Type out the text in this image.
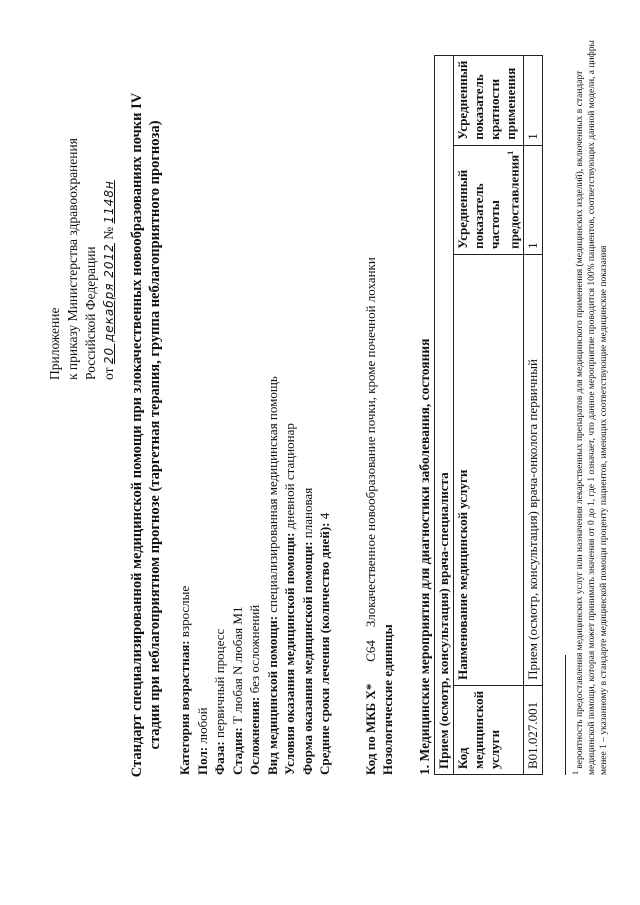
Приложение к приказу Министерства здравоохранения Российской Федерации от 20 декабря 2012 № 1148н Стандарт специализированной медицинской помощи при злокачественных новообразованиях почки IV стадии при неблагоприятном прогнозе (таргетная терапия, группа неблагоприятного прогноза) Категория возрастная: взрослые
Пол: любой
Фаза: первичный процесс
Стадия: Т любая N любая M1
Осложнения: без осложнений Вид медицинской помощи: специализированная медицинская помощь
Условия оказания медицинской помощи: дневной стационар
Форма оказания медицинской помощи: плановая
Средние сроки лечения (количество дней): 4
Код по МКБ X* C64    Злокачественное новообразование почки, кроме почечной лоханки
Нозологические единицы 1. Медицинские мероприятия для диагностики заболевания, состояния Прием (осмотр, консультация) врача-специалиста			
Код медицинской услуги	Наименование медицинской услуги	Усредненный показатель частоты предоставления$^1$	Усредненный показатель кратности применения
B01.027.001	Прием (осмотр, консультация) врача-онколога первичный	1	1
$^1$ вероятность предоставления медицинских услуг или назначения лекарственных препаратов для медицинского применения (медицинских изделий), включенных в стандарт медицинской помощи, которая может принимать значения от 0 до 1, где 1 означает, что данное мероприятие проводится 100% пациентов, соответствующих данной модели, а цифры менее 1 – указанному в стандарте медицинской помощи проценту пациентов, имеющих соответствующие медицинские показания
